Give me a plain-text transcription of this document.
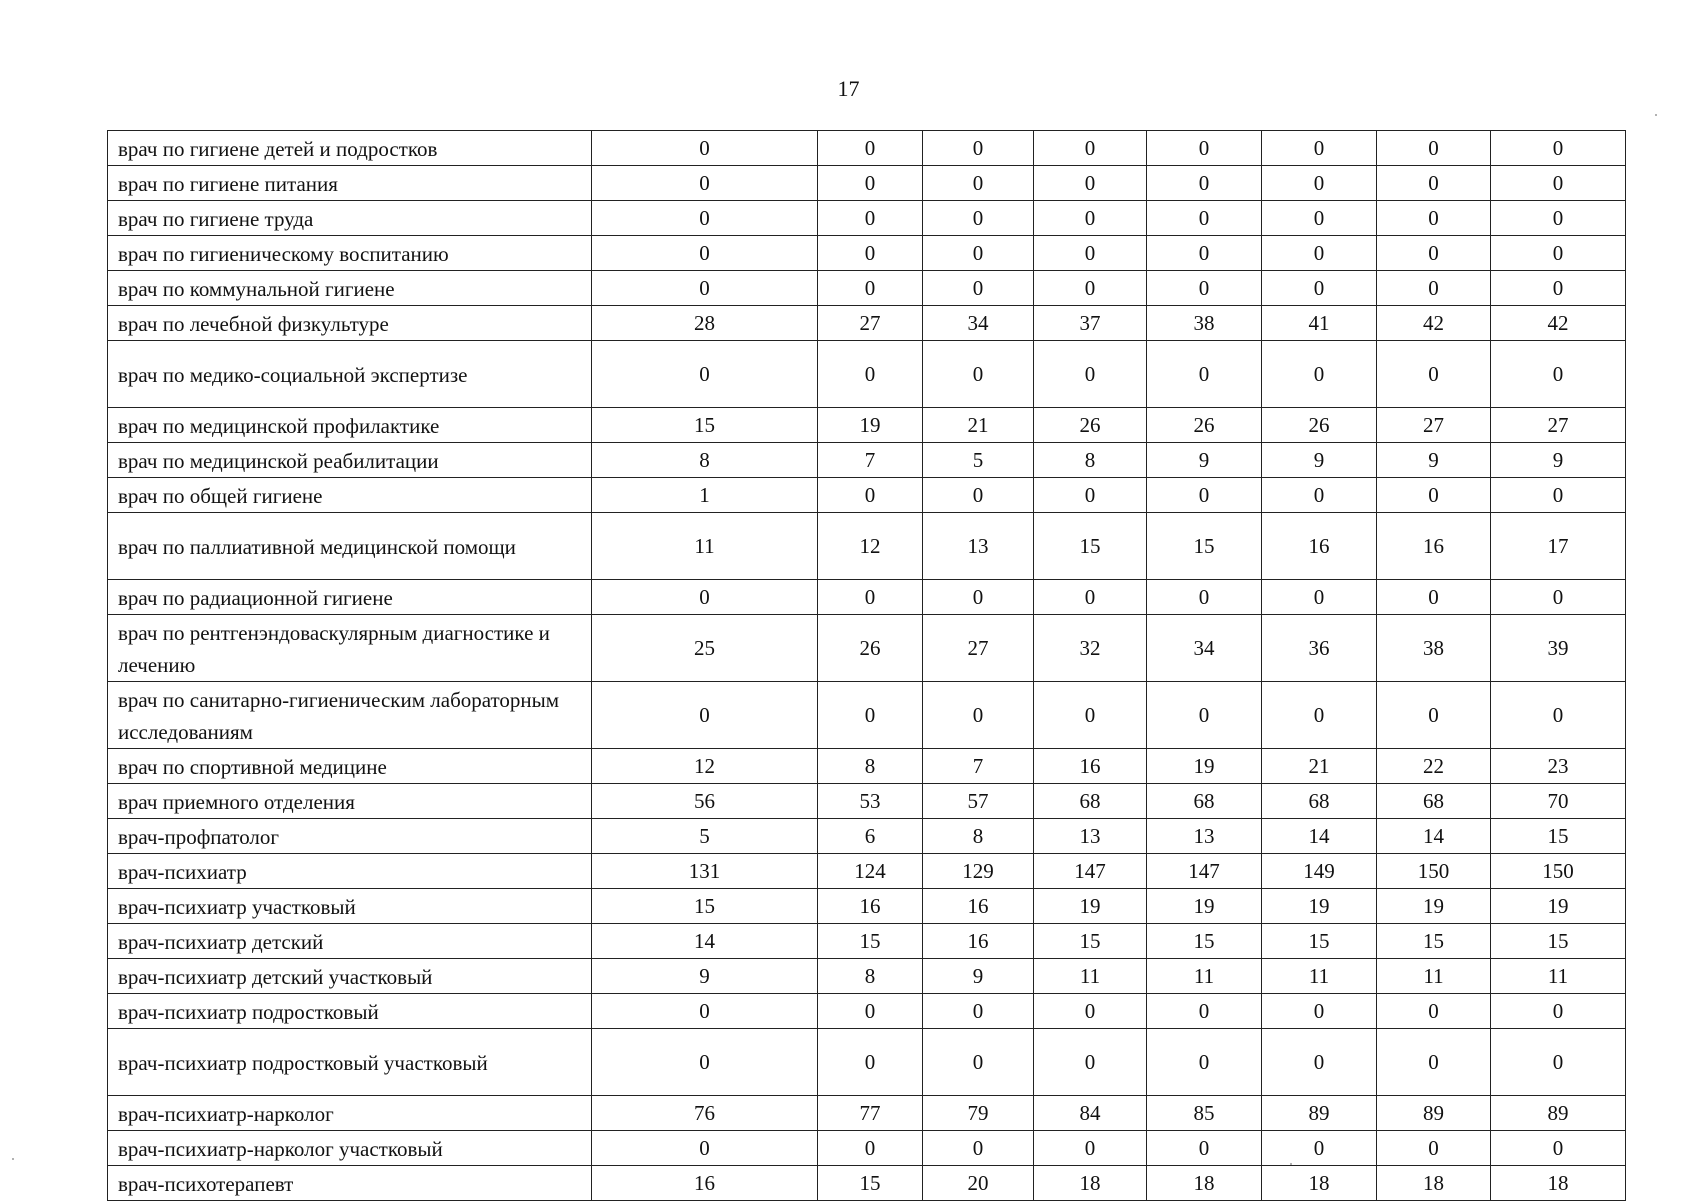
17
врач по гигиене детей и подростков	0	0	0	0	0	0	0	0
врач по гигиене питания	0	0	0	0	0	0	0	0
врач по гигиене труда	0	0	0	0	0	0	0	0
врач по гигиеническому воспитанию	0	0	0	0	0	0	0	0
врач по коммунальной гигиене	0	0	0	0	0	0	0	0
врач по лечебной физкультуре	28	27	34	37	38	41	42	42
врач по медико-социальной экспертизе	0	0	0	0	0	0	0	0
врач по медицинской профилактике	15	19	21	26	26	26	27	27
врач по медицинской реабилитации	8	7	5	8	9	9	9	9
врач по общей гигиене	1	0	0	0	0	0	0	0
врач по паллиативной медицинской помощи	11	12	13	15	15	16	16	17
врач по радиационной гигиене	0	0	0	0	0	0	0	0
врач по рентгенэндоваскулярным диагностике и лечению	25	26	27	32	34	36	38	39
врач по санитарно-гигиеническим лабораторным исследованиям	0	0	0	0	0	0	0	0
врач по спортивной медицине	12	8	7	16	19	21	22	23
врач приемного отделения	56	53	57	68	68	68	68	70
врач-профпатолог	5	6	8	13	13	14	14	15
врач-психиатр	131	124	129	147	147	149	150	150
врач-психиатр участковый	15	16	16	19	19	19	19	19
врач-психиатр детский	14	15	16	15	15	15	15	15
врач-психиатр детский участковый	9	8	9	11	11	11	11	11
врач-психиатр подростковый	0	0	0	0	0	0	0	0
врач-психиатр подростковый участковый	0	0	0	0	0	0	0	0
врач-психиатр-нарколог	76	77	79	84	85	89	89	89
врач-психиатр-нарколог участковый	0	0	0	0	0	0	0	0
врач-психотерапевт	16	15	20	18	18	18	18	18
